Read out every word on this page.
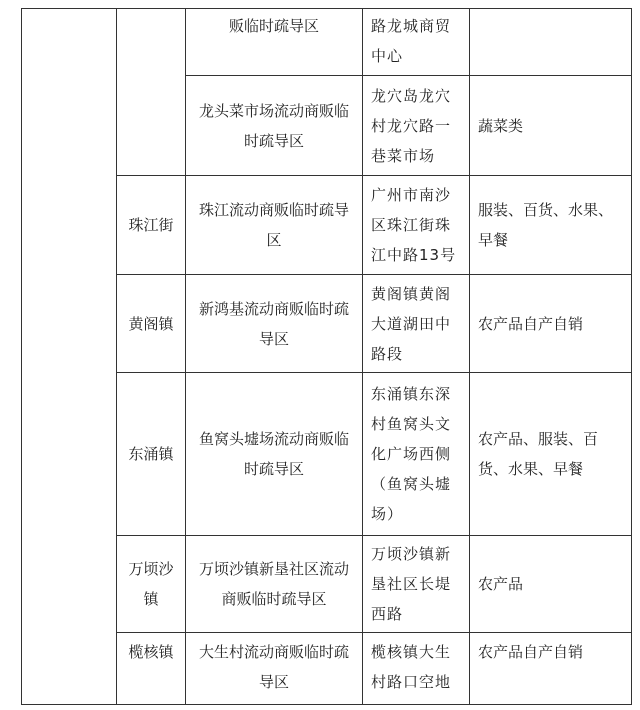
		贩临时疏导区	路龙城商贸中心	
		龙头菜市场流动商贩临时疏导区	龙穴岛龙穴村龙穴路一巷菜市场	蔬菜类
	珠江街	珠江流动商贩临时疏导区	广州市南沙区珠江街珠江中路13号	服装、百货、水果、早餐
	黄阁镇	新鸿基流动商贩临时疏导区	黄阁镇黄阁大道湖田中路段	农产品自产自销
	东涌镇	鱼窝头墟场流动商贩临时疏导区	东涌镇东深村鱼窝头文化广场西侧（鱼窝头墟场）	农产品、服装、百货、水果、早餐
	万顷沙镇	万顷沙镇新垦社区流动商贩临时疏导区	万顷沙镇新垦社区长堤西路	农产品
	榄核镇	大生村流动商贩临时疏导区	榄核镇大生村路口空地	农产品自产自销
